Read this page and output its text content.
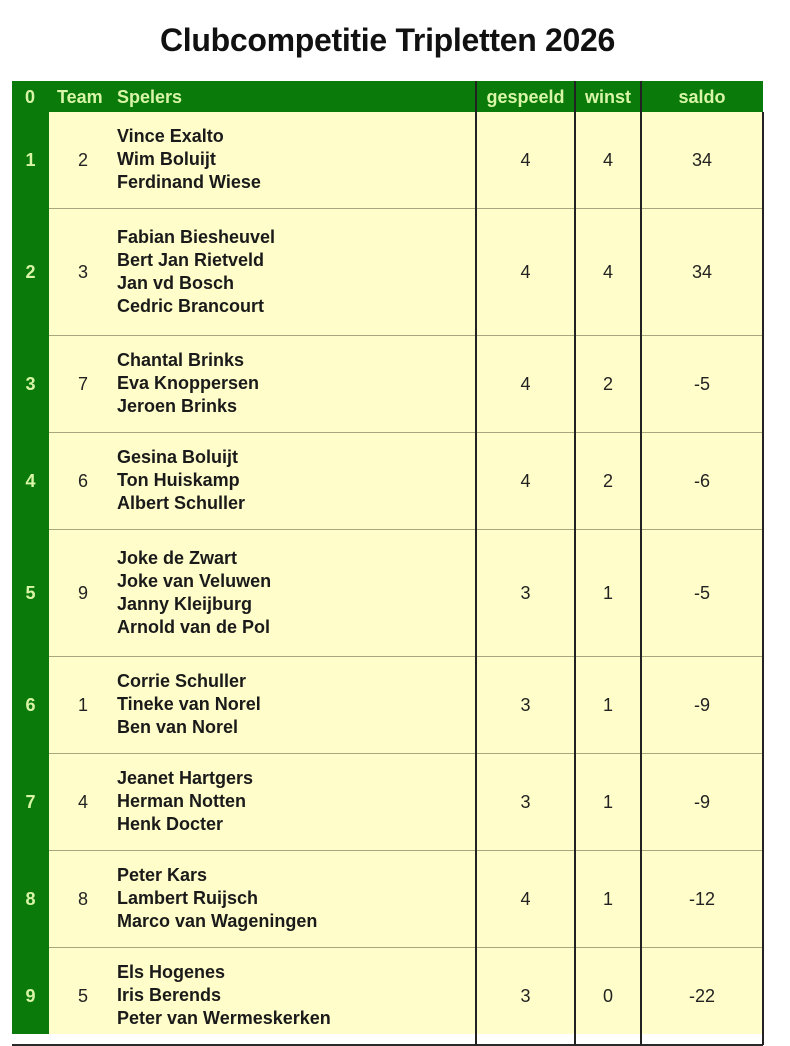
Clubcompetitie Tripletten 2026
0 Team Spelers	gespeeld	winst	saldo
1	2
Vince Exalto
Wim Boluijt
Ferdinand Wiese
4	4	34
2	3
Fabian Biesheuvel
Bert Jan Rietveld
Jan vd Bosch
Cedric Brancourt
4	4	34
3	7
Chantal Brinks
Eva Knoppersen
Jeroen Brinks
4	2	-5
4	6
Gesina Boluijt
Ton Huiskamp
Albert Schuller
4	2	-6
5	9
Joke de Zwart
Joke van Veluwen
Janny Kleijburg
Arnold van de Pol
3	1	-5
6	1
Corrie Schuller
Tineke van Norel
Ben van Norel
3	1	-9
7	4
Jeanet Hartgers
Herman Notten
Henk Docter
3	1	-9
8	8
Peter Kars
Lambert Ruijsch
Marco van Wageningen
4	1	-12
9	5
Els Hogenes
Iris Berends
Peter van Wermeskerken
3	0	-22
